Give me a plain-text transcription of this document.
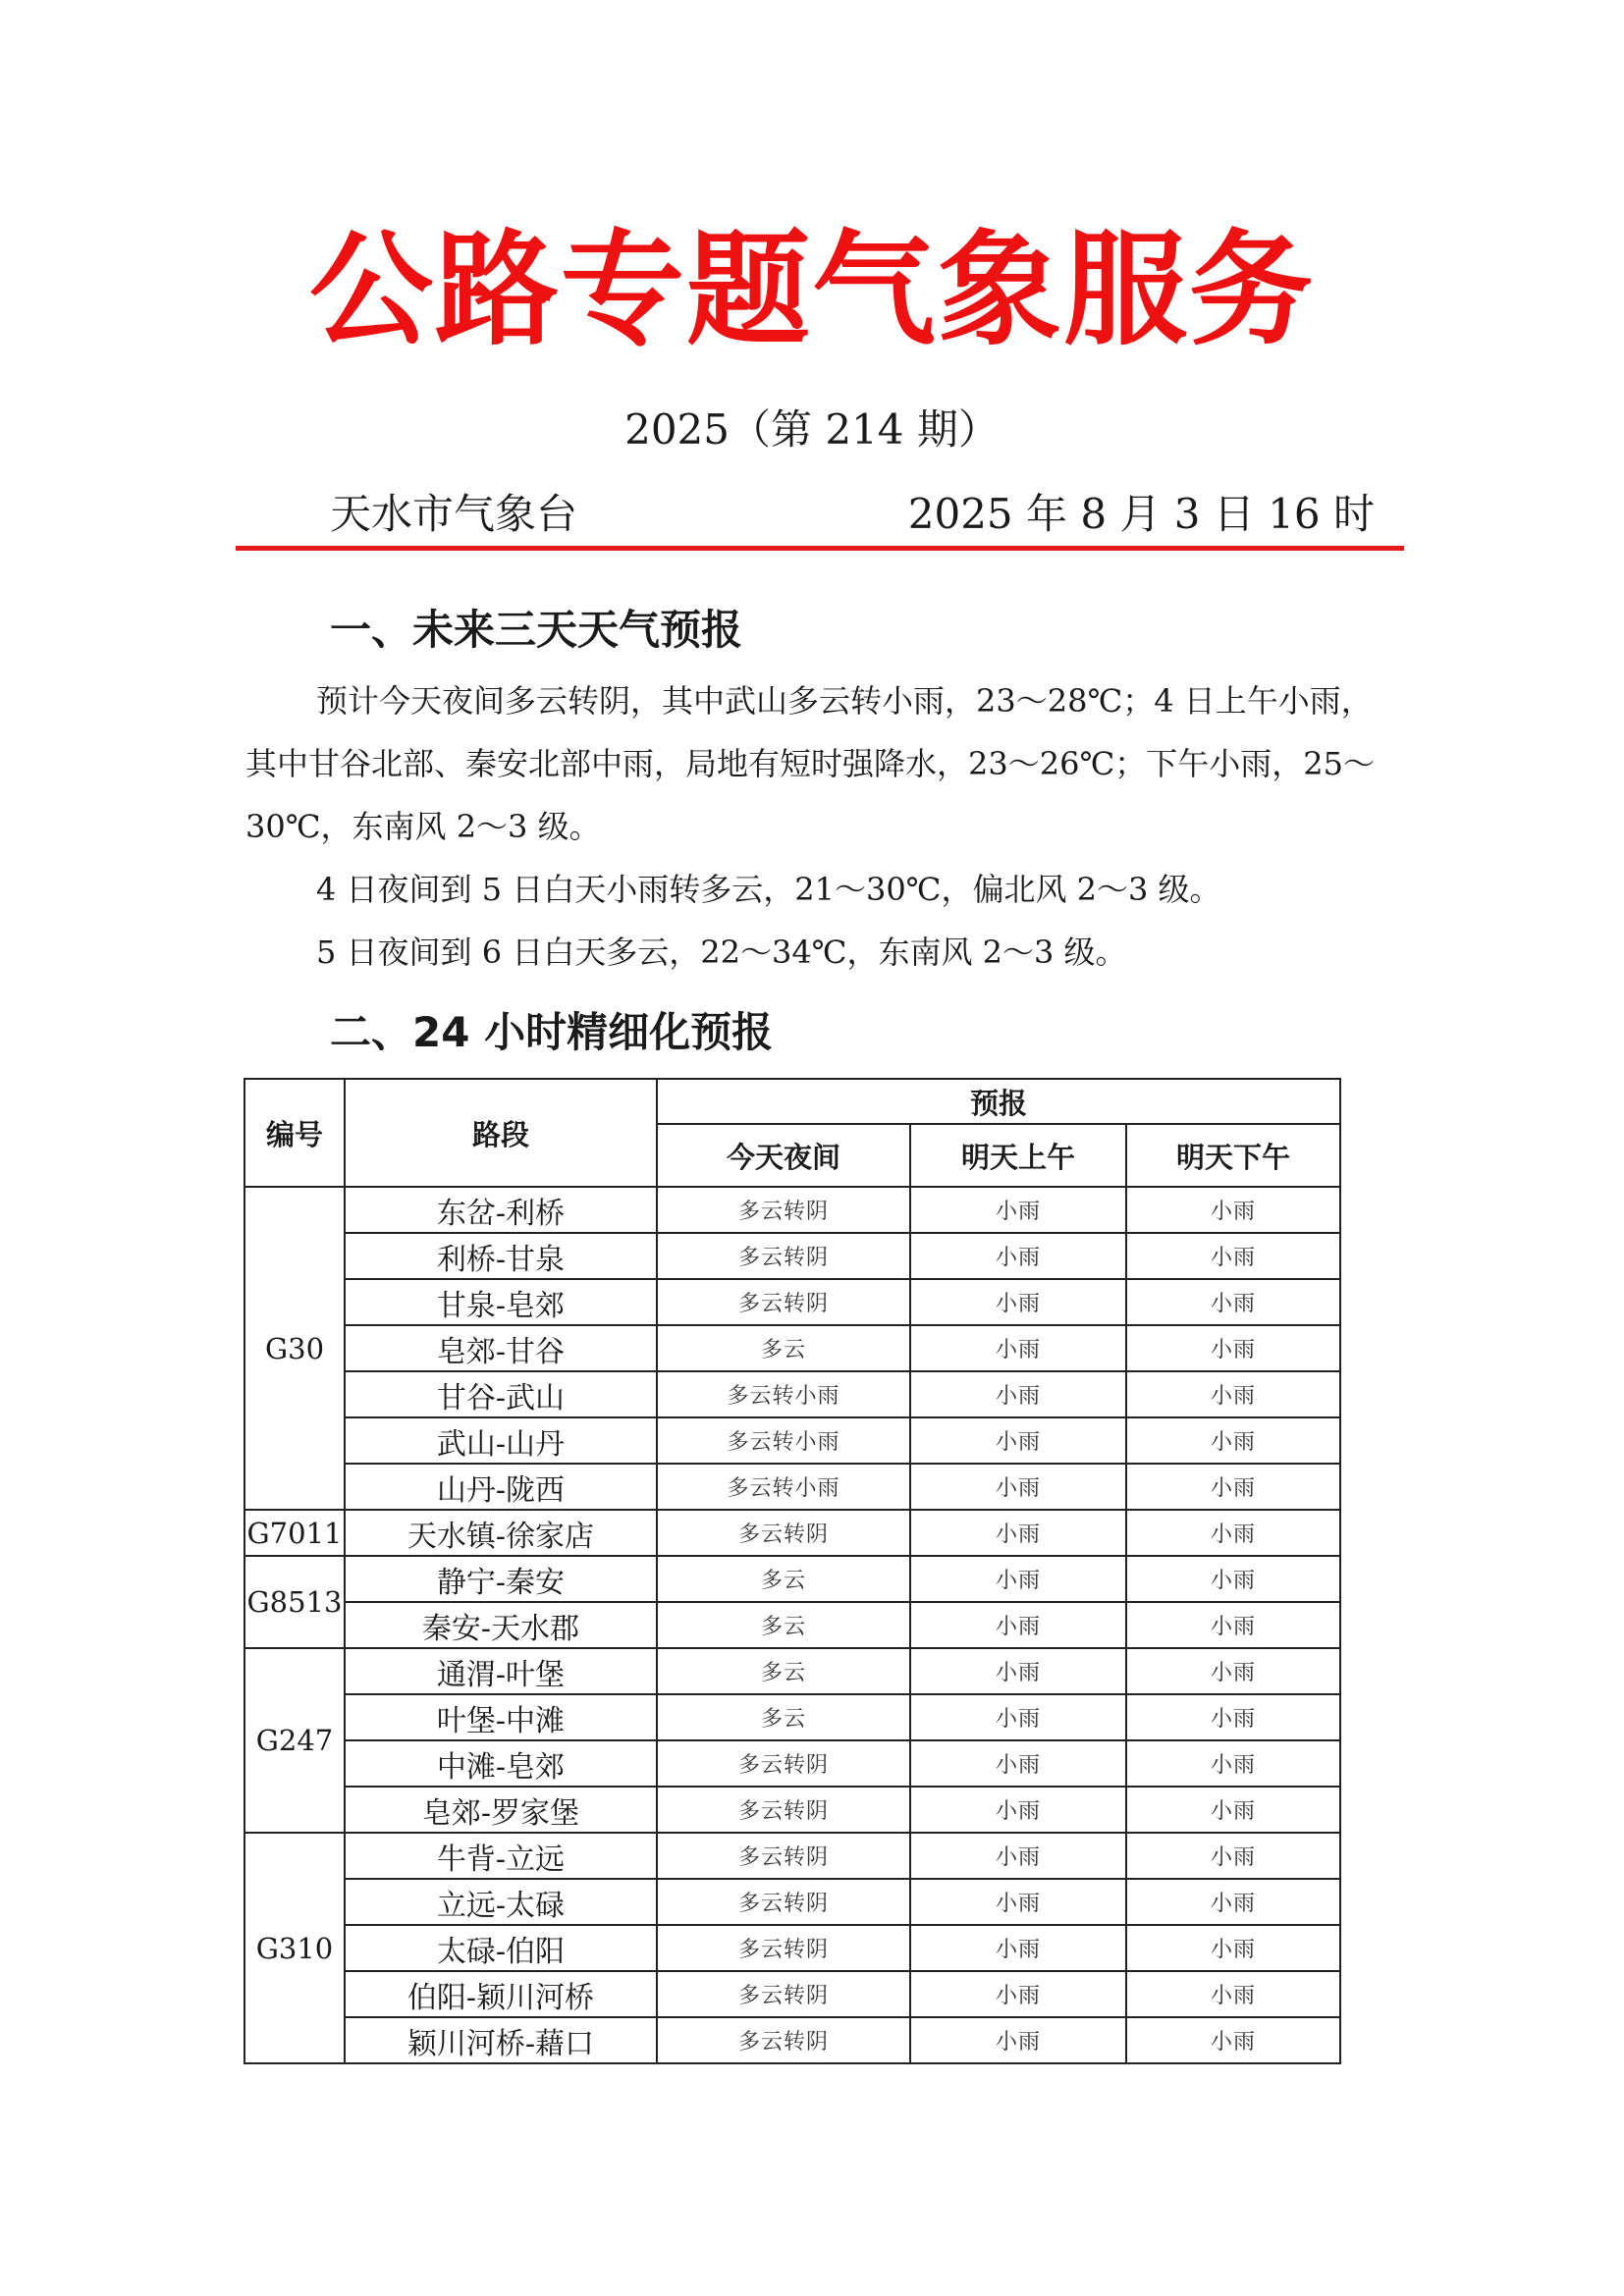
公路专题气象服务
2025（第 214 期）
天水市气象台	2025 年 8 月 3 日 16 时
一、未来三天天气预报
预计今天夜间多云转阴，其中武山多云转小雨，23～28℃；4 日上午小雨，
其中甘谷北部、秦安北部中雨，局地有短时强降水，23～26℃；下午小雨，25～
30℃，东南风 2～3 级。
4 日夜间到 5 日白天小雨转多云，21～30℃，偏北风 2～3 级。
5 日夜间到 6 日白天多云，22～34℃，东南风 2～3 级。
二、24 小时精细化预报
编号	路段	预报		
		今天夜间	明天上午	明天下午
G30	东岔-利桥	多云转阴	小雨	小雨
	利桥-甘泉	多云转阴	小雨	小雨
	甘泉-皂郊	多云转阴	小雨	小雨
	皂郊-甘谷	多云	小雨	小雨
	甘谷-武山	多云转小雨	小雨	小雨
	武山-山丹	多云转小雨	小雨	小雨
	山丹-陇西	多云转小雨	小雨	小雨
G7011	天水镇-徐家店	多云转阴	小雨	小雨
G8513	静宁-秦安	多云	小雨	小雨
	秦安-天水郡	多云	小雨	小雨
G247	通渭-叶堡	多云	小雨	小雨
	叶堡-中滩	多云	小雨	小雨
	中滩-皂郊	多云转阴	小雨	小雨
	皂郊-罗家堡	多云转阴	小雨	小雨
G310	牛背-立远	多云转阴	小雨	小雨
	立远-太碌	多云转阴	小雨	小雨
	太碌-伯阳	多云转阴	小雨	小雨
	伯阳-颖川河桥	多云转阴	小雨	小雨
	颖川河桥-藉口	多云转阴	小雨	小雨
